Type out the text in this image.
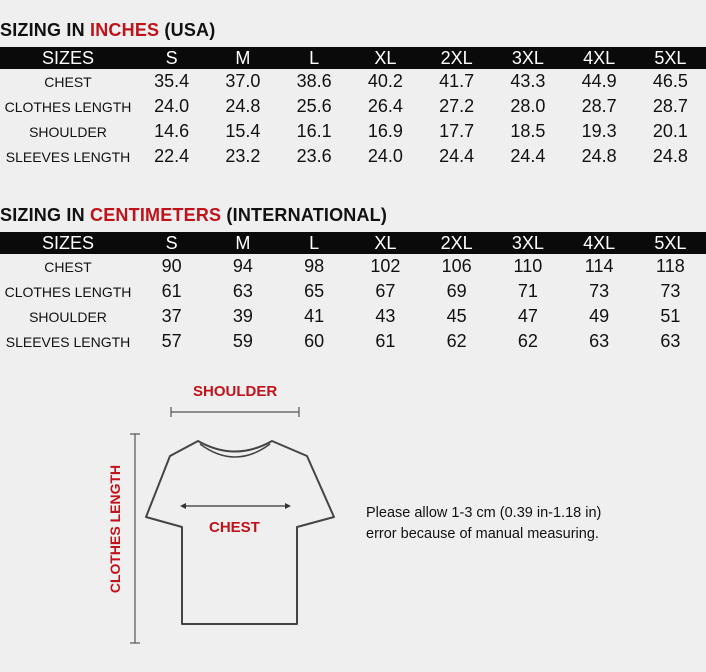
SIZING IN INCHES (USA)
SIZES	S	M	L	XL	2XL	3XL	4XL	5XL
CHEST	35.4	37.0	38.6	40.2	41.7	43.3	44.9	46.5
CLOTHES LENGTH	24.0	24.8	25.6	26.4	27.2	28.0	28.7	28.7
SHOULDER	14.6	15.4	16.1	16.9	17.7	18.5	19.3	20.1
SLEEVES LENGTH	22.4	23.2	23.6	24.0	24.4	24.4	24.8	24.8
SIZING IN CENTIMETERS (INTERNATIONAL)
SIZES	S	M	L	XL	2XL	3XL	4XL	5XL
CHEST	90	94	98	102	106	110	114	118
CLOTHES LENGTH	61	63	65	67	69	71	73	73
SHOULDER	37	39	41	43	45	47	49	51
SLEEVES LENGTH	57	59	60	61	62	62	63	63
SHOULDER
CHEST
CLOTHES LENGTH	Please allow 1-3 cm (0.39 in-1.18 in)
error because of manual measuring.
